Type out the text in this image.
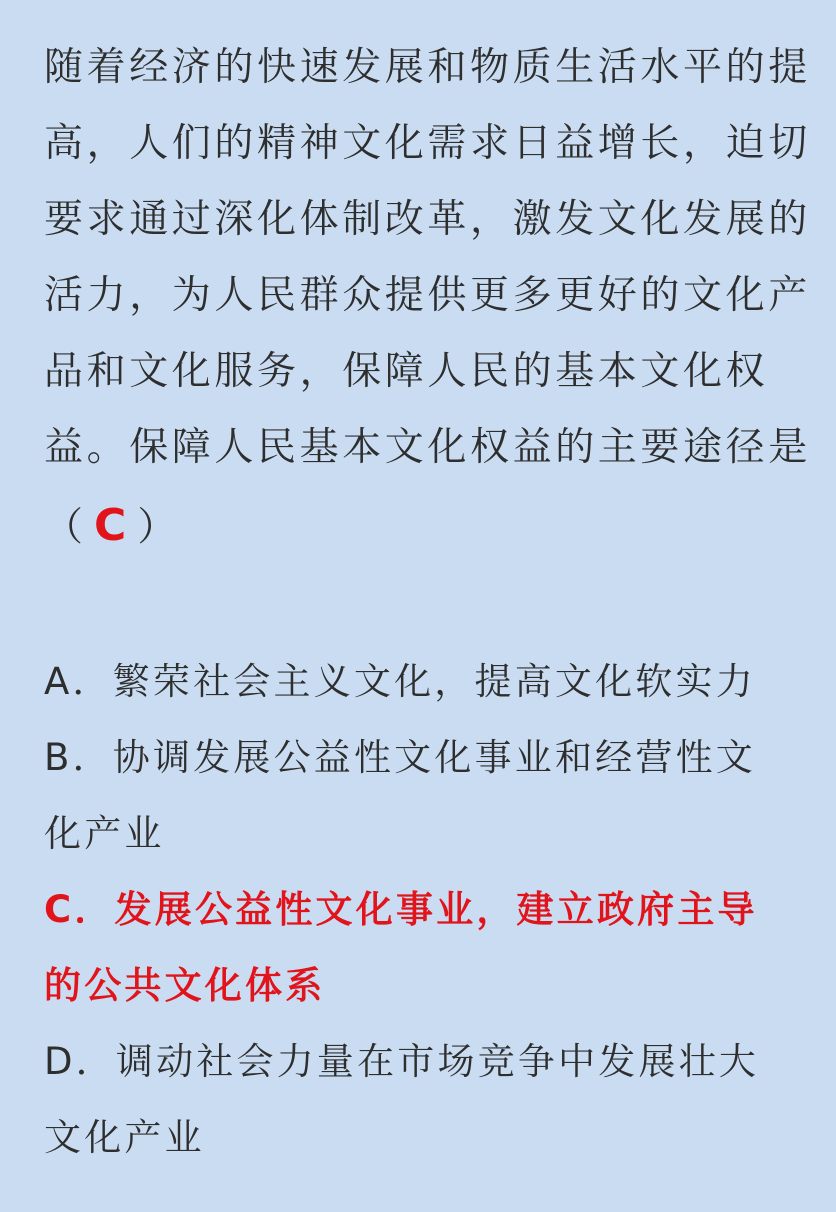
随着经济的快速发展和物质生活水平的提
高，人们的精神文化需求日益增长，迫切
要求通过深化体制改革，激发文化发展的
活力，为人民群众提供更多更好的文化产
品和文化服务，保障人民的基本文化权
益。保障人民基本文化权益的主要途径是
（ C ）
A．繁荣社会主义文化，提高文化软实力
B．协调发展公益性文化事业和经营性文
化产业
C．发展公益性文化事业，建立政府主导
的公共文化体系
D．调动社会力量在市场竞争中发展壮大
文化产业
